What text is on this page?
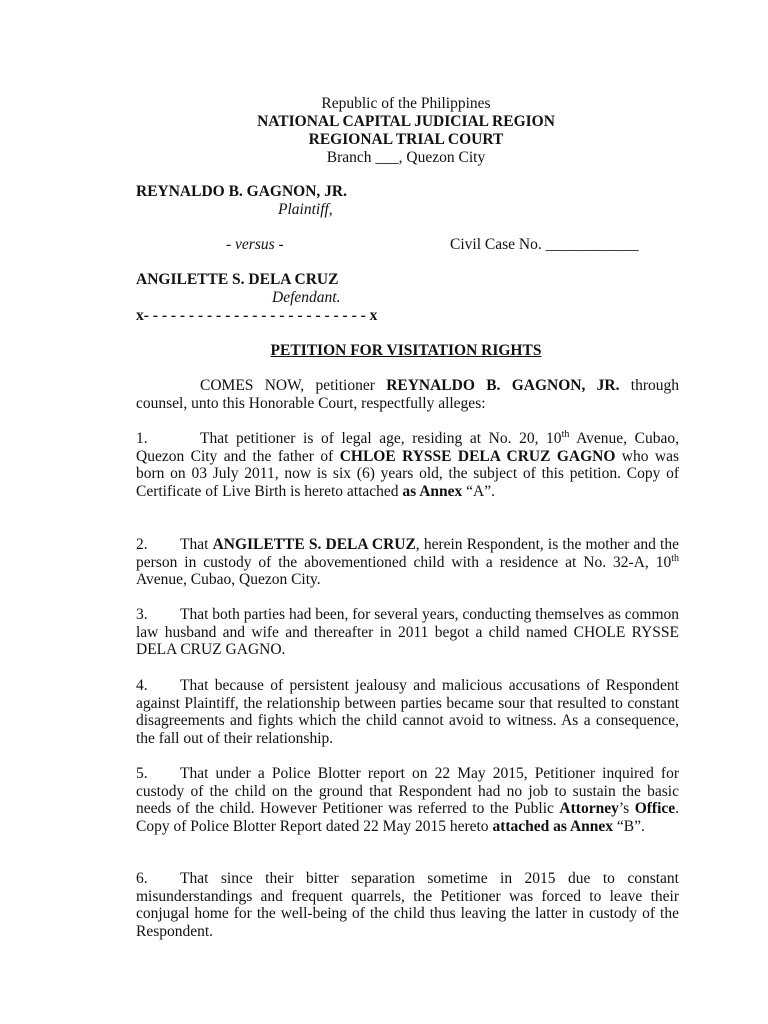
Republic of the Philippines
NATIONAL CAPITAL JUDICIAL REGION
REGIONAL TRIAL COURT
Branch ___, Quezon City
REYNALDO B. GAGNON, JR.
Plaintiff,
- versus -	Civil Case No. ____________
ANGILETTE S. DELA CRUZ
Defendant.
x- - - - - - - - - - - - - - - - - - - - - - - - - x
PETITION FOR VISITATION RIGHTS
COMES NOW, petitioner REYNALDO B. GAGNON, JR. through counsel, unto this Honorable Court, respectfully alleges:
1.	That petitioner is of legal age, residing at No. 20, 10th Avenue, Cubao, Quezon City and the father of CHLOE RYSSE DELA CRUZ GAGNO who was born on 03 July 2011, now is six (6) years old, the subject of this petition. Copy of Certificate of Live Birth is hereto attached as Annex “A”.
2. That ANGILETTE S. DELA CRUZ, herein Respondent, is the mother and the person in custody of the abovementioned child with a residence at No. 32-A, 10th Avenue, Cubao, Quezon City.
3. That both parties had been, for several years, conducting themselves as common law husband and wife and thereafter in 2011 begot a child named CHOLE RYSSE DELA CRUZ GAGNO.
4. That because of persistent jealousy and malicious accusations of Respondent against Plaintiff, the relationship between parties became sour that resulted to constant disagreements and fights which the child cannot avoid to witness. As a consequence, the fall out of their relationship.
5. That under a Police Blotter report on 22 May 2015, Petitioner inquired for custody of the child on the ground that Respondent had no job to sustain the basic needs of the child. However Petitioner was referred to the Public Attorney’s Office. Copy of Police Blotter Report dated 22 May 2015 hereto attached as Annex “B”.
6. That since their bitter separation sometime in 2015 due to constant misunderstandings and frequent quarrels, the Petitioner was forced to leave their conjugal home for the well-being of the child thus leaving the latter in custody of the Respondent.
